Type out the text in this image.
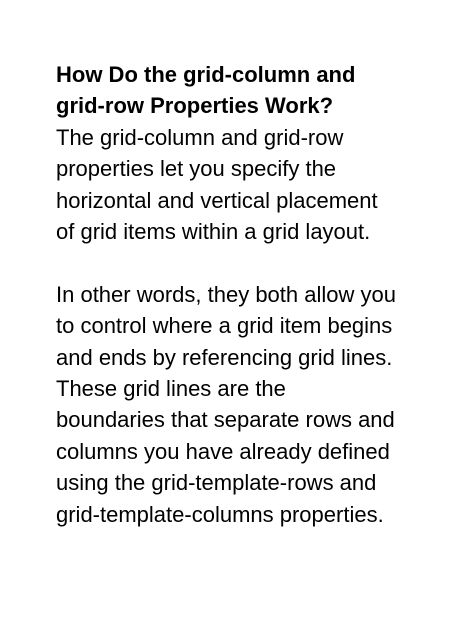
How Do the grid-column and
grid-row Properties Work?

The grid-column and grid-row
properties let you specify the
horizontal and vertical placement
of grid items within a grid layout.

In other words, they both allow you
to control where a grid item begins
and ends by referencing grid lines.
These grid lines are the
boundaries that separate rows and
columns you have already defined
using the grid-template-rows and
grid-template-columns properties.
